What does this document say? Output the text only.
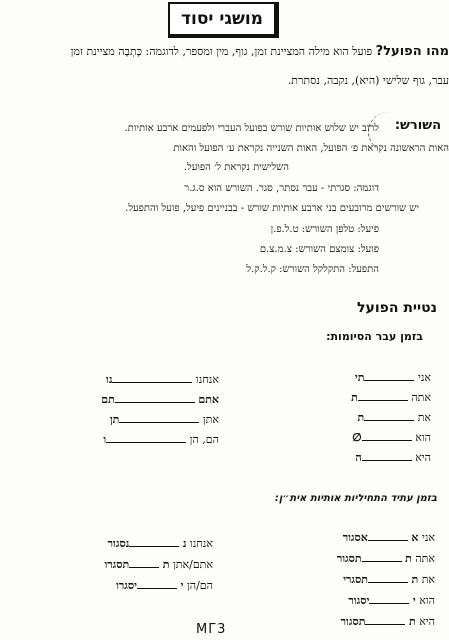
מושגי יסוד
מהו הפועל? פועל הוא מילה המציינת זמן, גוף, מין ומספר, לדוגמה: כָּתְבָה מציינת זמן
עבר, גוף שלישי (היא), נקבה, נסתרת.
השורש:
לרוב יש שלוש אותיות שורש בפועל העברי ולפעמים ארבע אותיות.
האות הראשונה נקראת פ׳ הפועל, האות השנייה נקראת ע׳ הפועל והאות
השלישית נקראת ל׳ הפועל.
דוגמה: סגרתי - עבר נסתר, סגר. השורש הוא ס.ג.ר
יש שורשים מרובעים בני ארבע אותיות שורש - בבניינים פיעל, פועל והתפעל.
פיעל: טלפן השורש: ט.ל.פ.ן
פועל: צומצם השורש: צ.מ.צ.ם
התפעל: התקלקל השורש: ק.ל.ק.ל
נטיית הפועל
בזמן עבר הסיומות:
אני תי
אתה ת
את ת
הוא ∅
היא ה
אנחנו נו
אתם תם
אתן תן
הם, הן ו
בזמן עתיד התחיליות אותיות אית״ן:
אני א אסגור
אתה ת תסגור
את ת תסגרי
הוא י יסגור
היא ת תסגור
אנחנו נ נסגור
אתם/אתן ת תסגרו
הם/הן י יסגרו
МГ3
